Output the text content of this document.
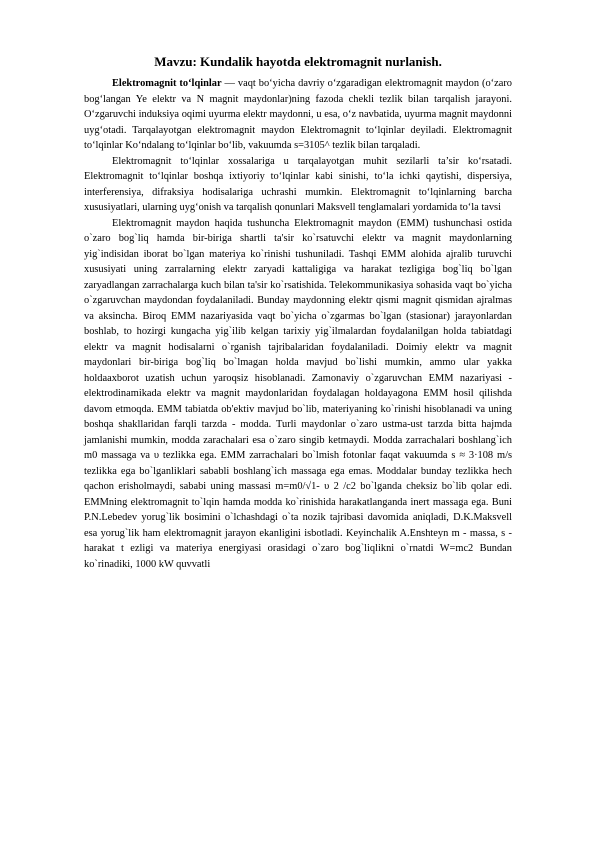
Mavzu: Kundalik hayotda elektromagnit nurlanish.

Elektromagnit to‘lqinlar — vaqt bo‘yicha davriy o‘zgaradigan elektromagnit maydon (o‘zaro bog‘langan Ye elektr va N magnit maydonlar)ning fazoda chekli tezlik bilan tarqalish jarayoni. O‘zgaruvchi induksiya oqimi uyurma elektr maydonni, u esa, o‘z navbatida, uyurma magnit maydonni uyg‘otadi. Tarqalayotgan elektromagnit maydon Elektromagnit to‘lqinlar deyiladi. Elektromagnit to‘lqinlar Ko‘ndalang to‘lqinlar bo‘lib, vakuumda s=3105^ tezlik bilan tarqaladi.

Elektromagnit to‘lqinlar xossalariga u tarqalayotgan muhit sezilarli ta’sir ko‘rsatadi. Elektromagnit to‘lqinlar boshqa ixtiyoriy to‘lqinlar kabi sinishi, to‘la ichki qaytishi, dispersiya, interferensiya, difraksiya hodisalariga uchrashi mumkin. Elektromagnit to‘lqinlarning barcha xususiyatlari, ularning uyg‘onish va tarqalish qonunlari Maksvell tenglamalari yordamida to‘la tavsi

Elektromagnit maydon haqida tushuncha Elektromagnit maydon (EMM) tushunchasi ostida o`zaro bog`liq hamda bir-biriga shartli ta'sir ko`rsatuvchi elektr va magnit maydonlarning yig`indisidan iborat bo`lgan materiya ko`rinishi tushuniladi. Tashqi EMM alohida ajralib turuvchi xususiyati uning zarralarning elektr zaryadi kattaligiga va harakat tezligiga bog`liq bo`lgan zaryadlangan zarrachalarga kuch bilan ta'sir ko`rsatishida. Telekommunikasiya sohasida vaqt bo`yicha o`zgaruvchan maydondan foydalaniladi. Bunday maydonning elektr qismi magnit qismidan ajralmas va aksincha. Biroq EMM nazariyasida vaqt bo`yicha o`zgarmas bo`lgan (stasionar) jarayonlardan boshlab, to hozirgi kungacha yig`ilib kelgan tarixiy yig`ilmalardan foydalanilgan holda tabiatdagi elektr va magnit hodisalarni o`rganish tajribalaridan foydalaniladi. Doimiy elektr va magnit maydonlari bir-biriga bog`liq bo`lmagan holda mavjud bo`lishi mumkin, ammo ular yakka holdaaxborot uzatish uchun yaroqsiz hisoblanadi. Zamonaviy o`zgaruvchan EMM nazariyasi - elektrodinamikada elektr va magnit maydonlaridan foydalagan holdayagona EMM hosil qilishda davom etmoqda. EMM tabiatda ob'ektiv mavjud bo`lib, materiyaning ko`rinishi hisoblanadi va uning boshqa shakllaridan farqli tarzda - modda. Turli maydonlar o`zaro ustma-ust tarzda bitta hajmda jamlanishi mumkin, modda zarachalari esa o`zaro singib ketmaydi. Modda zarrachalari boshlang`ich m0 massaga va υ tezlikka ega. EMM zarrachalari bo`lmish fotonlar faqat vakuumda s ≈ 3·108 m/s tezlikka ega bo`lganliklari sababli boshlang`ich massaga ega emas. Moddalar bunday tezlikka hech qachon erisholmaydi, sababi uning massasi m=m0/√1- υ 2 /c2 bo`lganda cheksiz bo`lib qolar edi. EMMning elektromagnit to`lqin hamda modda ko`rinishida harakatlanganda inert massaga ega. Buni P.N.Lebedev yorug`lik bosimini o`lchashdagi o`ta nozik tajribasi davomida aniqladi, D.K.Maksvell esa yorug`lik ham elektromagnit jarayon ekanligini isbotladi. Keyinchalik A.Enshteyn m - massa, s - harakat t ezligi va materiya energiyasi orasidagi o`zaro bog`liqlikni o`rnatdi W=mc2 Bundan ko`rinadiki, 1000 kW quvvatli
